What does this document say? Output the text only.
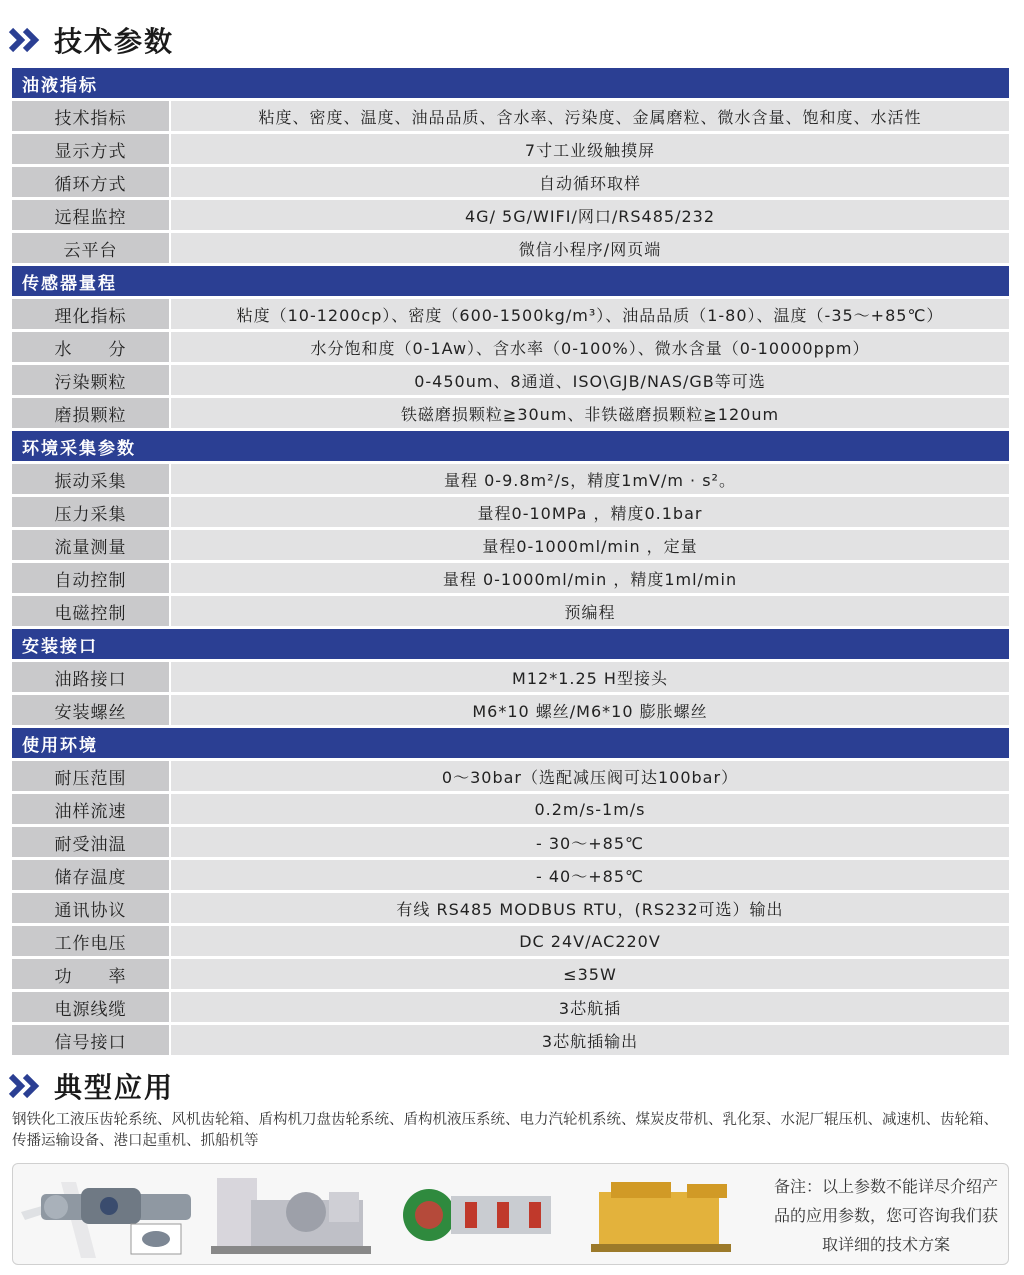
技术参数
油液指标
技术指标	粘度、密度、温度、油品品质、含水率、污染度、金属磨粒、微水含量、饱和度、水活性
显示方式	7寸工业级触摸屏
循环方式	自动循环取样
远程监控	4G/ 5G/WIFI/网口/RS485/232
云平台	微信小程序/网页端
传感器量程
理化指标	粘度（10-1200cp）、密度（600-1500kg/m³）、油品品质（1-80）、温度（-35～+85℃）
水　　分	水分饱和度（0-1Aw）、含水率（0-100%）、微水含量（0-10000ppm）
污染颗粒	0-450um、8通道、ISO\GJB/NAS/GB等可选
磨损颗粒	铁磁磨损颗粒≧30um、非铁磁磨损颗粒≧120um
环境采集参数
振动采集	量程 0-9.8m²/s，精度1mV/m · s²。
压力采集	量程0-10MPa ，精度0.1bar
流量测量	量程0-1000ml/min ，定量
自动控制	量程 0-1000ml/min ，精度1ml/min
电磁控制	预编程
安装接口
油路接口	M12*1.25 H型接头
安装螺丝	M6*10 螺丝/M6*10 膨胀螺丝
使用环境
耐压范围	0～30bar（选配减压阀可达100bar）
油样流速	0.2m/s-1m/s
耐受油温	- 30～+85℃
储存温度	- 40～+85℃
通讯协议	有线 RS485 MODBUS RTU，(RS232可选）输出
工作电压	DC 24V/AC220V
功　　率	≤35W
电源线缆	3芯航插
信号接口	3芯航插输出
典型应用
钢铁化工液压齿轮系统、风机齿轮箱、盾构机刀盘齿轮系统、盾构机液压系统、电力汽轮机系统、煤炭皮带机、乳化泵、水泥厂辊压机、减速机、齿轮箱、传播运输设备、港口起重机、抓船机等
备注：以上参数不能详尽介绍产品的应用参数，您可咨询我们获取详细的技术方案
